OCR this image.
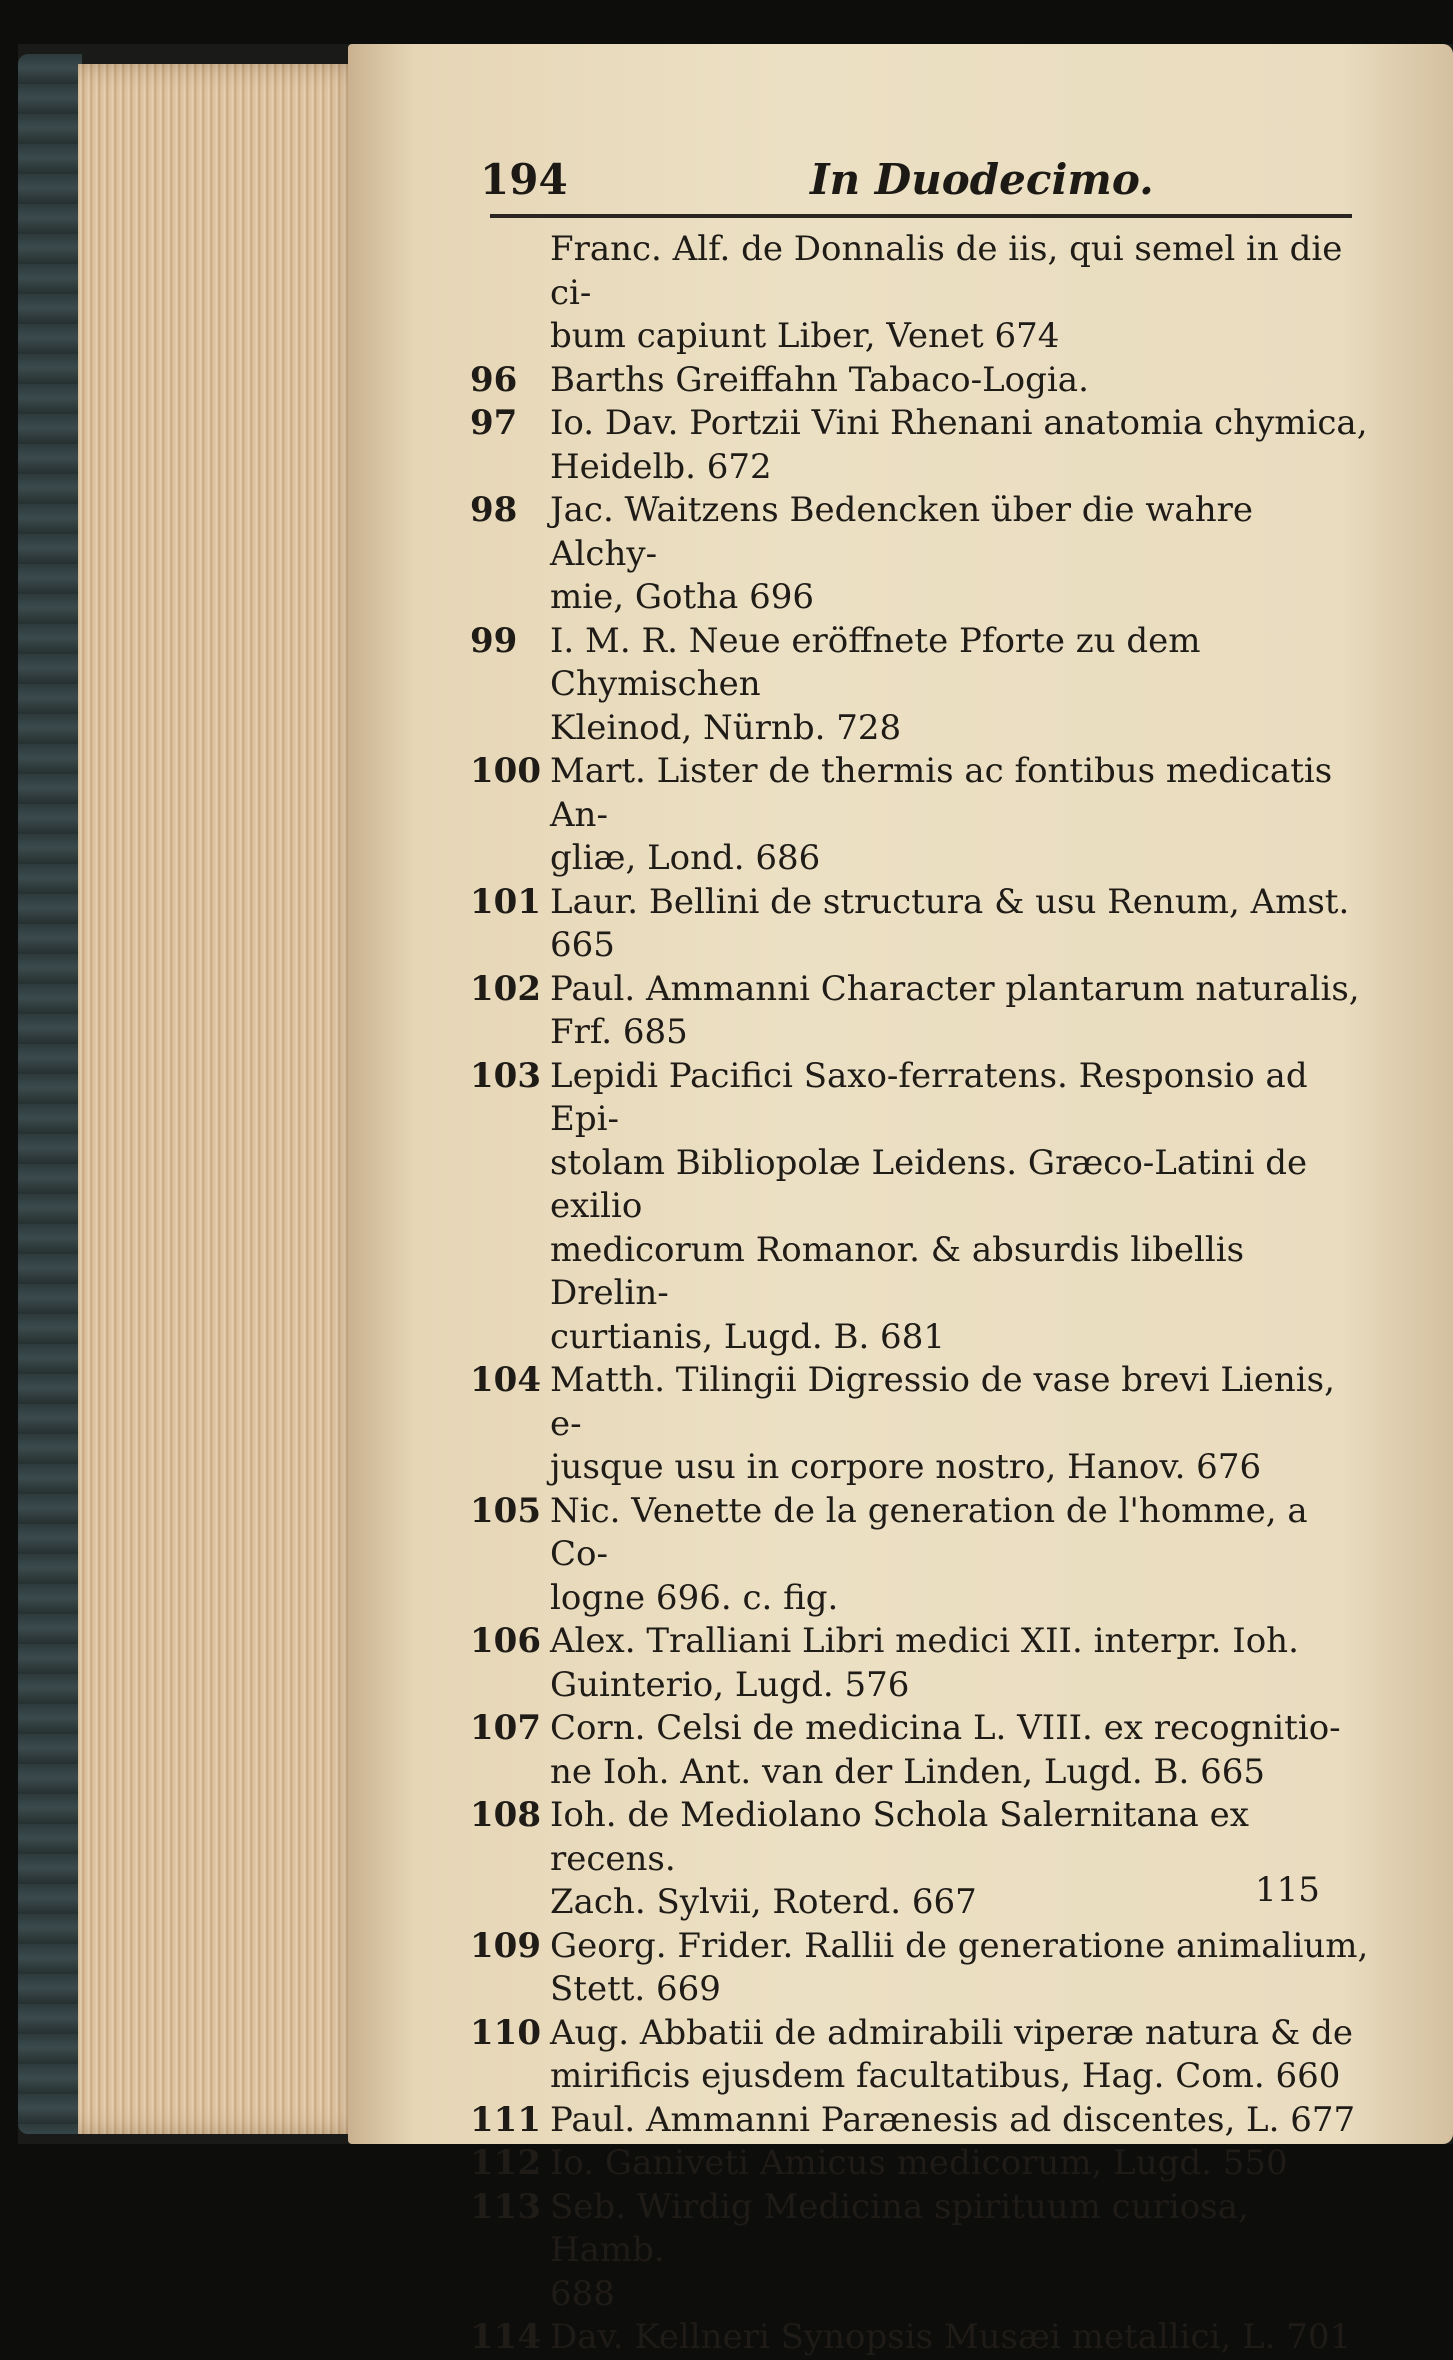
194	In Duodecimo.
Franc. Alf. de Donnalis de iis, qui semel in die ci-
bum capiunt Liber, Venet 674
96 Barths Greiffahn Tabaco-Logia.
97 Io. Dav. Portzii Vini Rhenani anatomia chymica,
Heidelb. 672
98 Jac. Waitzens Bedencken über die wahre Alchy-
mie, Gotha 696
99 I. M. R. Neue eröffnete Pforte zu dem Chymischen
Kleinod, Nürnb. 728
100 Mart. Lister de thermis ac fontibus medicatis An-
gliæ, Lond. 686
101 Laur. Bellini de structura & usu Renum, Amst.
665
102 Paul. Ammanni Character plantarum naturalis,
Frf. 685
103 Lepidi Pacifici Saxo-ferratens. Responsio ad Epi-
stolam Bibliopolæ Leidens. Græco-Latini de exilio
medicorum Romanor. & absurdis libellis Drelin-
curtianis, Lugd. B. 681
104 Matth. Tilingii Digressio de vase brevi Lienis, e-
jusque usu in corpore nostro, Hanov. 676
105 Nic. Venette de la generation de l'homme, a Co-
logne 696. c. fig.
106 Alex. Tralliani Libri medici XII. interpr. Ioh.
Guinterio, Lugd. 576
107 Corn. Celsi de medicina L. VIII. ex recognitio-
ne Ioh. Ant. van der Linden, Lugd. B. 665
108 Ioh. de Mediolano Schola Salernitana ex recens.
Zach. Sylvii, Roterd. 667
109 Georg. Frider. Rallii de generatione animalium,
Stett. 669
110 Aug. Abbatii de admirabili viperæ natura & de
mirificis ejusdem facultatibus, Hag. Com. 660
111 Paul. Ammanni Parænesis ad discentes, L. 677
112 Io. Ganiveti Amicus medicorum, Lugd. 550
113 Seb. Wirdig Medicina spirituum curiosa, Hamb.
688
114 Dav. Kellneri Synopsis Musæi metallici, L. 701
115
